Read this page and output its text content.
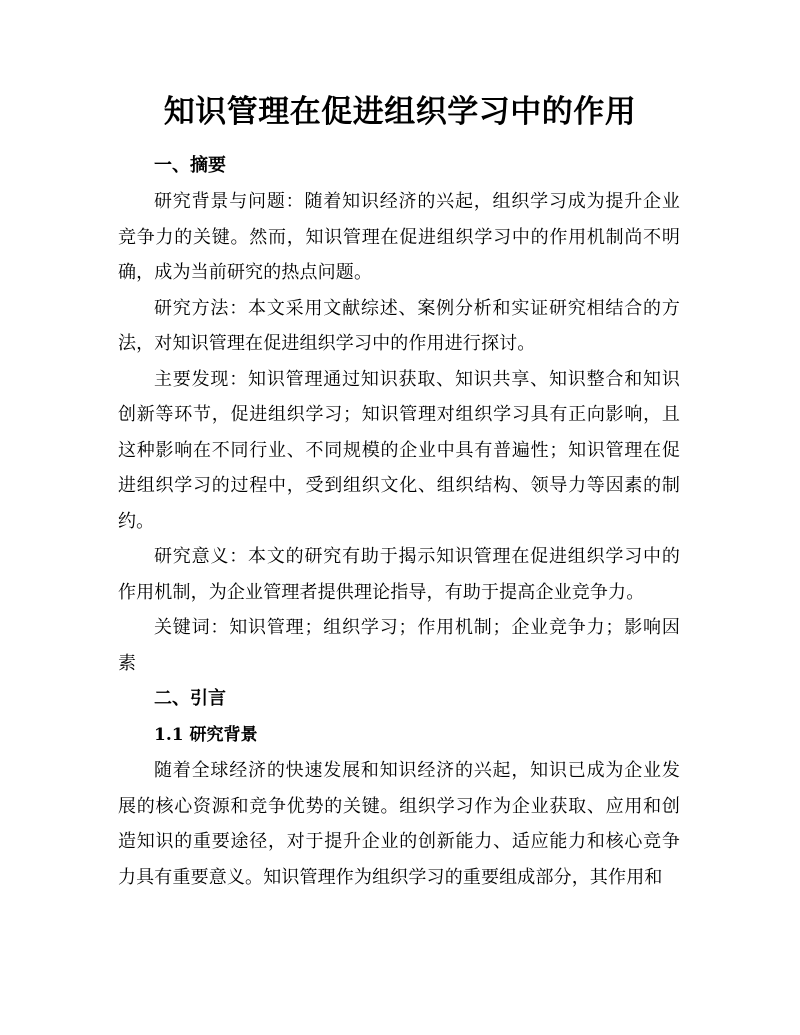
知识管理在促进组织学习中的作用
一、摘要

研究背景与问题：随着知识经济的兴起，组织学习成为提升企业竞争力的关键。然而，知识管理在促进组织学习中的作用机制尚不明确，成为当前研究的热点问题。

研究方法：本文采用文献综述、案例分析和实证研究相结合的方法，对知识管理在促进组织学习中的作用进行探讨。

主要发现：知识管理通过知识获取、知识共享、知识整合和知识创新等环节，促进组织学习；知识管理对组织学习具有正向影响，且这种影响在不同行业、不同规模的企业中具有普遍性；知识管理在促进组织学习的过程中，受到组织文化、组织结构、领导力等因素的制约。

研究意义：本文的研究有助于揭示知识管理在促进组织学习中的作用机制，为企业管理者提供理论指导，有助于提高企业竞争力。

关键词：知识管理；组织学习；作用机制；企业竞争力；影响因素

二、引言
1.1 研究背景

随着全球经济的快速发展和知识经济的兴起，知识已成为企业发展的核心资源和竞争优势的关键。组织学习作为企业获取、应用和创造知识的重要途径，对于提升企业的创新能力、适应能力和核心竞争力具有重要意义。知识管理作为组织学习的重要组成部分，其作用和
